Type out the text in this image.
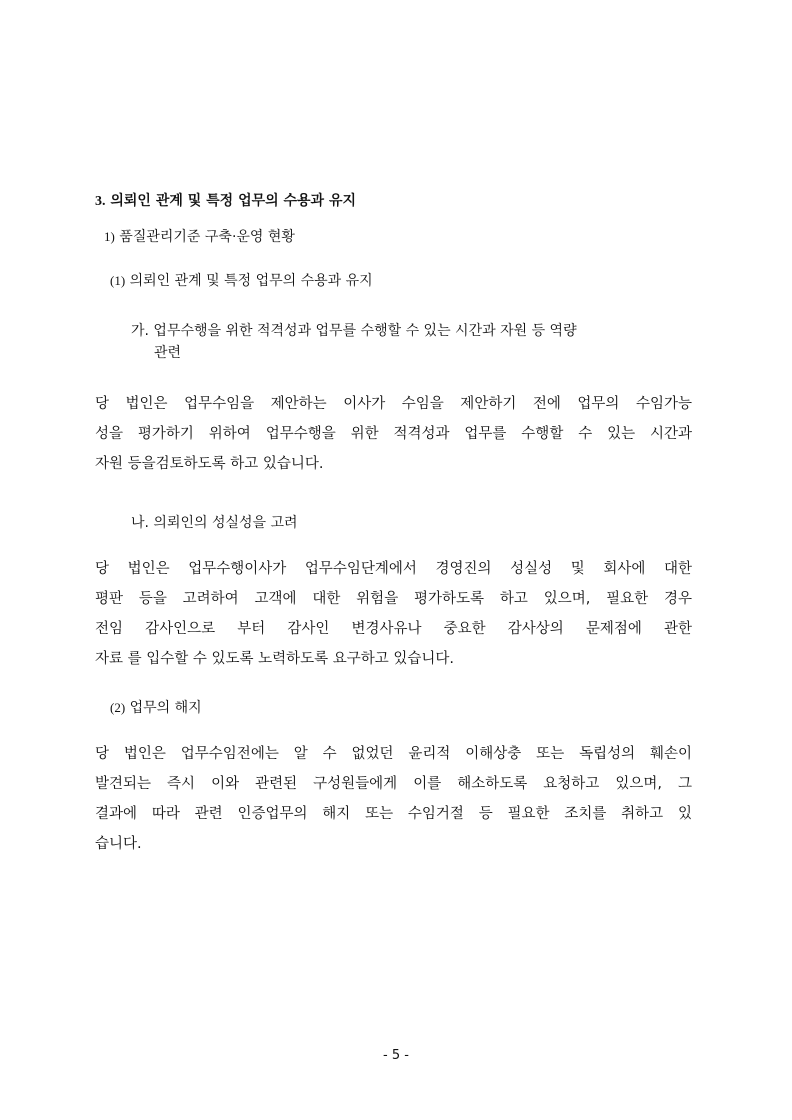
3. 의뢰인 관계 및 특정 업무의 수용과 유지
1) 품질관리기준 구축·운영 현황
(1) 의뢰인 관계 및 특정 업무의 수용과 유지
가. 업무수행을 위한 적격성과 업무를 수행할 수 있는 시간과 자원 등 역량
관련
당 법인은 업무수임을 제안하는 이사가 수임을 제안하기 전에 업무의 수임가능
성을 평가하기 위하여 업무수행을 위한 적격성과 업무를 수행할 수 있는 시간과
자원 등을검토하도록 하고 있습니다.
나. 의뢰인의 성실성을 고려
당 법인은 업무수행이사가 업무수임단계에서 경영진의 성실성 및 회사에 대한
평판 등을 고려하여 고객에 대한 위험을 평가하도록 하고 있으며, 필요한 경우
전임 감사인으로 부터 감사인 변경사유나 중요한 감사상의 문제점에 관한
자료 를 입수할 수 있도록 노력하도록 요구하고 있습니다.
(2) 업무의 해지
당 법인은 업무수임전에는 알 수 없었던 윤리적 이해상충 또는 독립성의 훼손이
발견되는 즉시 이와 관련된 구성원들에게 이를 해소하도록 요청하고 있으며, 그
결과에 따라 관련 인증업무의 해지 또는 수임거절 등 필요한 조치를 취하고 있
습니다.
- 5 -
